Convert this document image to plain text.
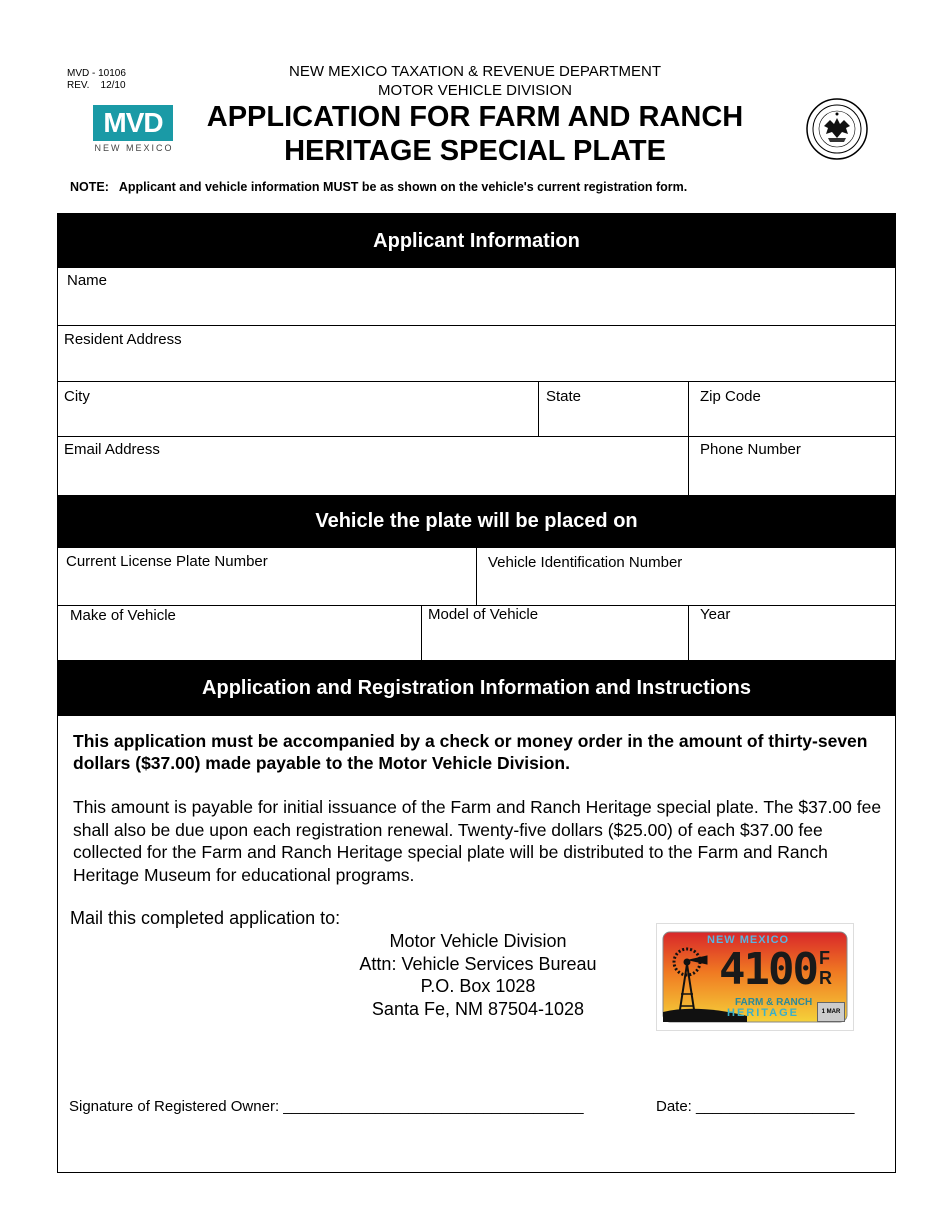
MVD - 10106
REV.    12/10
MVD
NEW MEXICO
NEW MEXICO TAXATION & REVENUE DEPARTMENT
MOTOR VEHICLE DIVISION
APPLICATION FOR FARM AND RANCH
HERITAGE SPECIAL PLATE
NOTE:   Applicant and vehicle information MUST be as shown on the vehicle's current registration form.
Applicant Information
Name
Resident Address
City	State	Zip Code
Email Address	Phone Number
Vehicle the plate will be placed on
Current License Plate Number	Vehicle Identification Number
Make of Vehicle	Model of Vehicle	Year
Application and Registration Information and Instructions
This application must be accompanied by a check or money order in the amount of thirty-seven dollars ($37.00) made payable to the Motor Vehicle Division.
This amount is payable for initial issuance of the Farm and Ranch Heritage special plate. The $37.00 fee shall also be due upon each registration renewal. Twenty-five dollars ($25.00) of each $37.00 fee collected for the Farm and Ranch Heritage special plate will be distributed to the Farm and Ranch Heritage Museum for educational programs.
Mail this completed application to:
Motor Vehicle Division
Attn: Vehicle Services Bureau
P.O. Box 1028
Santa Fe, NM 87504-1028
NEW MEXICO
4100 F
R
FARM & RANCH
HERITAGE	1 MAR
Signature of Registered Owner: ____________________________________	Date: ___________________
